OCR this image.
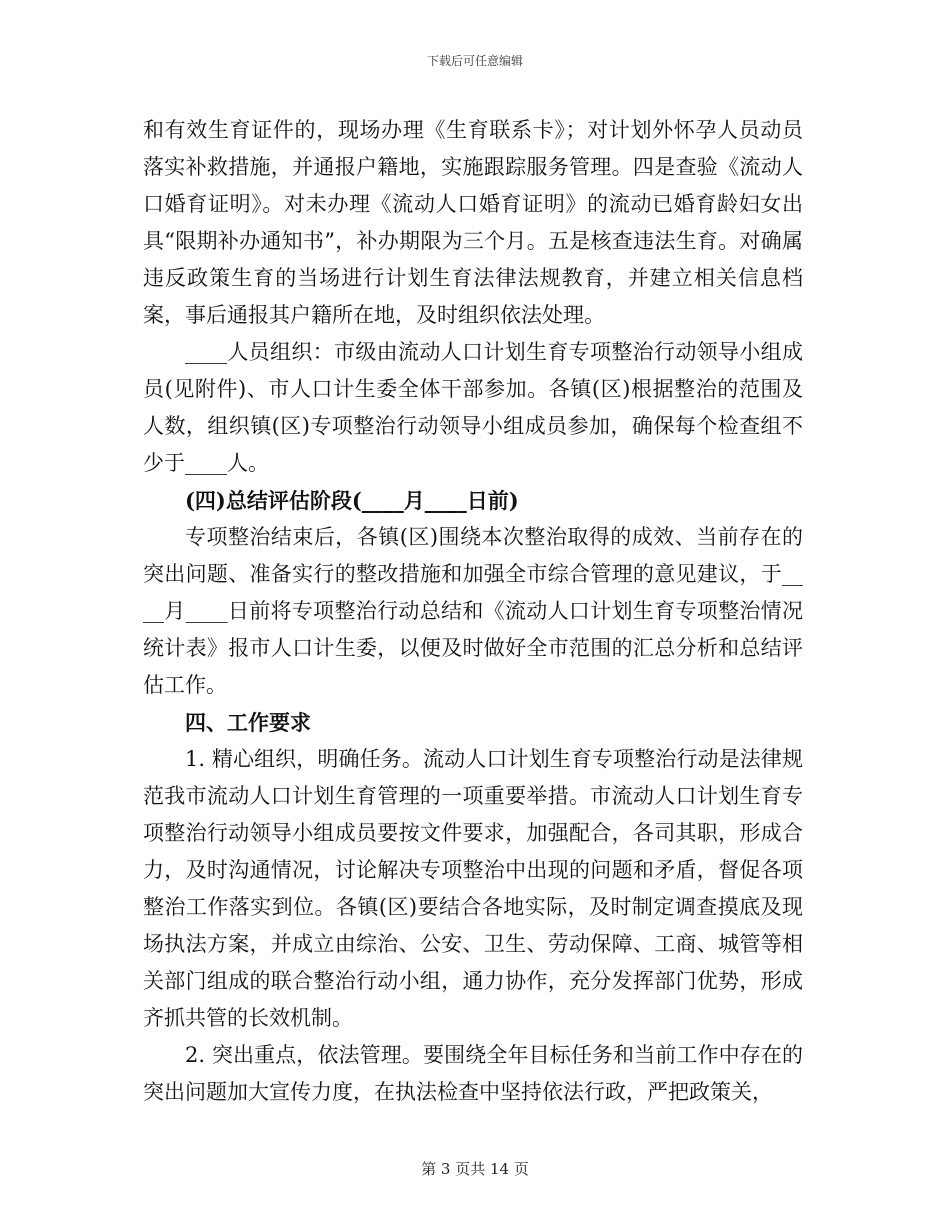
下载后可任意编辑

和有效生育证件的，现场办理《生育联系卡》；对计划外怀孕人员动员落实补救措施，并通报户籍地，实施跟踪服务管理。四是查验《流动人口婚育证明》。对未办理《流动人口婚育证明》的流动已婚育龄妇女出具“限期补办通知书”，补办期限为三个月。五是核查违法生育。对确属违反政策生育的当场进行计划生育法律法规教育，并建立相关信息档案，事后通报其户籍所在地，及时组织依法处理。

____人员组织：市级由流动人口计划生育专项整治行动领导小组成员(见附件)、市人口计生委全体干部参加。各镇(区)根据整治的范围及人数，组织镇(区)专项整治行动领导小组成员参加，确保每个检查组不少于____人。

(四)总结评估阶段(____月____日前)

专项整治结束后，各镇(区)围绕本次整治取得的成效、当前存在的突出问题、准备实行的整改措施和加强全市综合管理的意见建议，于____月____日前将专项整治行动总结和《流动人口计划生育专项整治情况统计表》报市人口计生委，以便及时做好全市范围的汇总分析和总结评估工作。

四、工作要求

1. 精心组织，明确任务。流动人口计划生育专项整治行动是法律规范我市流动人口计划生育管理的一项重要举措。市流动人口计划生育专项整治行动领导小组成员要按文件要求，加强配合，各司其职，形成合力，及时沟通情况，讨论解决专项整治中出现的问题和矛盾，督促各项整治工作落实到位。各镇(区)要结合各地实际，及时制定调查摸底及现场执法方案，并成立由综治、公安、卫生、劳动保障、工商、城管等相关部门组成的联合整治行动小组，通力协作，充分发挥部门优势，形成齐抓共管的长效机制。

2. 突出重点，依法管理。要围绕全年目标任务和当前工作中存在的突出问题加大宣传力度，在执法检查中坚持依法行政，严把政策关，

第 3 页共 14 页
